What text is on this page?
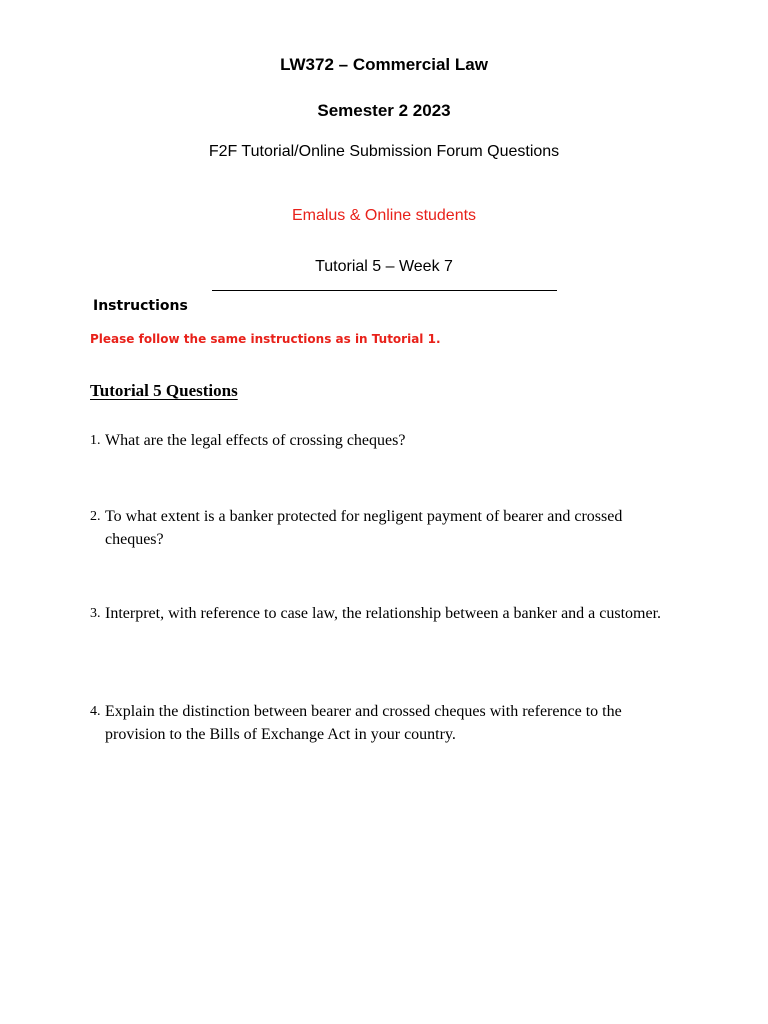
LW372 – Commercial Law
Semester 2 2023
F2F Tutorial/Online Submission Forum Questions
Emalus & Online students
Tutorial 5 – Week 7
Instructions
Please follow the same instructions as in Tutorial 1.
Tutorial 5 Questions
1. What are the legal effects of crossing cheques?
2. To what extent is a banker protected for negligent payment of bearer and crossed cheques?
3. Interpret, with reference to case law, the relationship between a banker and a customer.
4. Explain the distinction between bearer and crossed cheques with reference to the provision to the Bills of Exchange Act in your country.
